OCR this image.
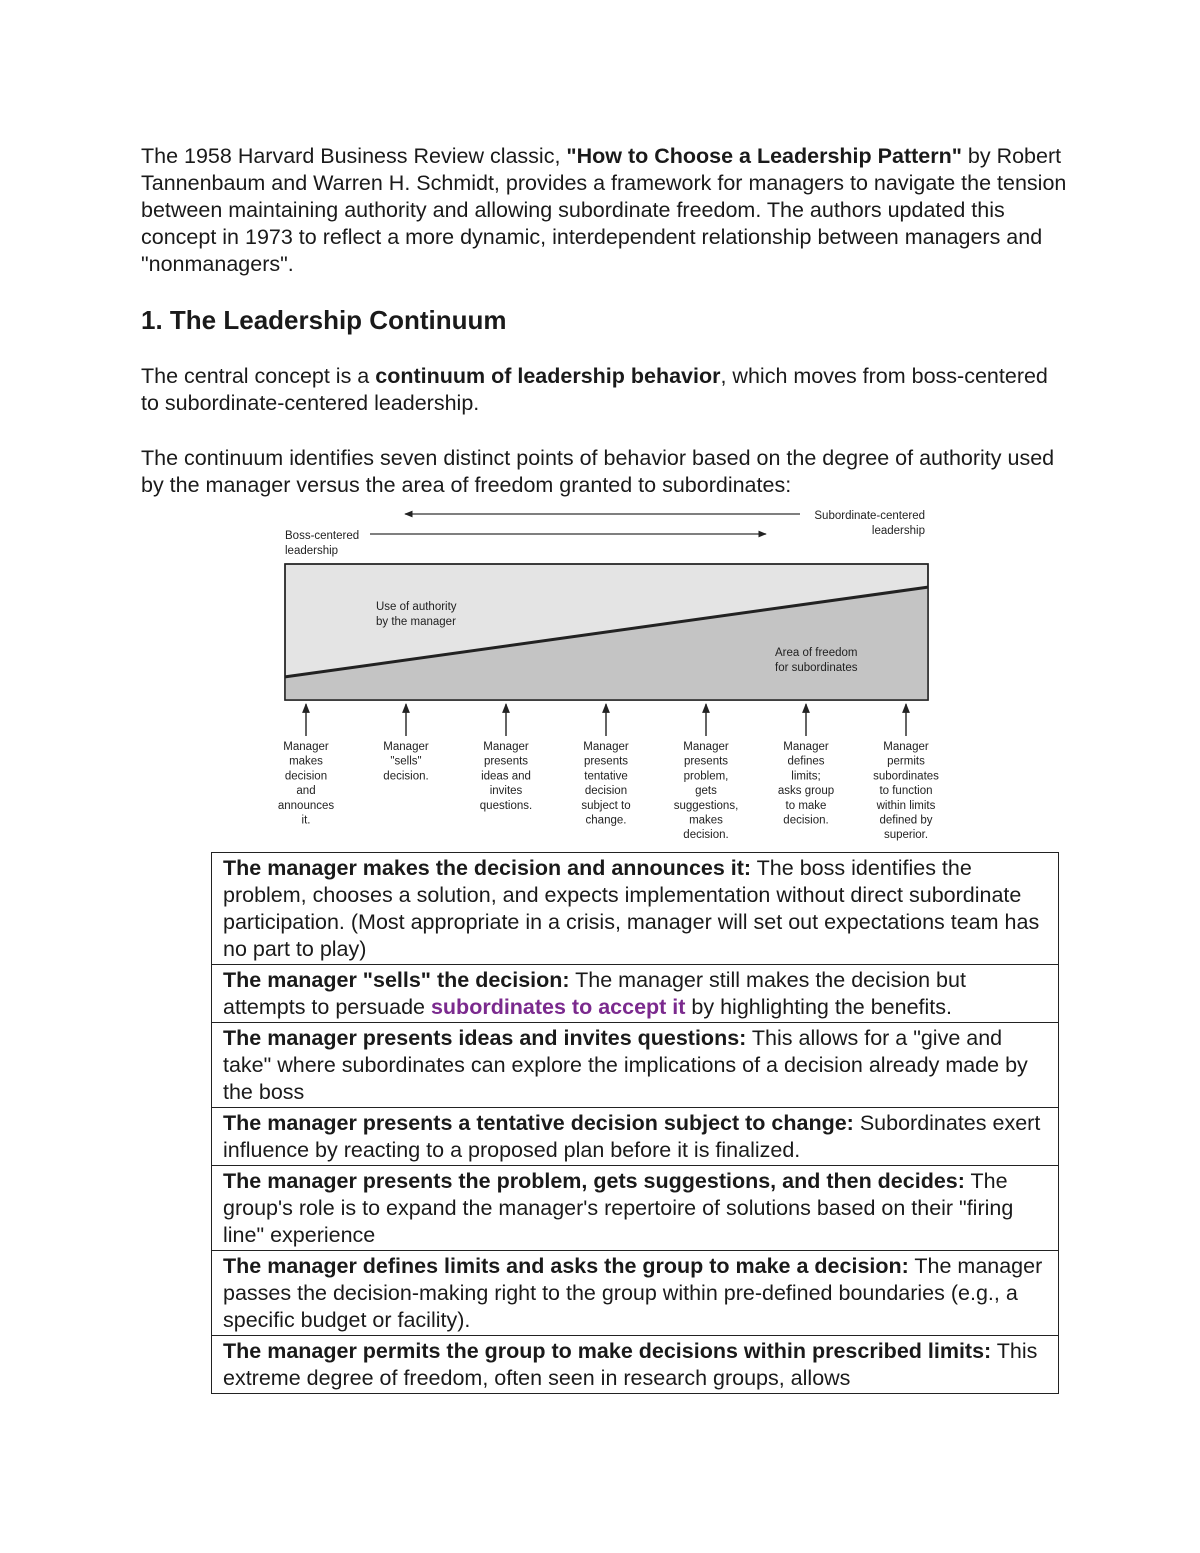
The 1958 Harvard Business Review classic, "How to Choose a Leadership Pattern" by Robert Tannenbaum and Warren H. Schmidt, provides a framework for managers to navigate the tension between maintaining authority and allowing subordinate freedom. The authors updated this concept in 1973 to reflect a more dynamic, interdependent relationship between managers and "nonmanagers".

1. The Leadership Continuum

The central concept is a continuum of leadership behavior, which moves from boss-centered to subordinate-centered leadership.

The continuum identifies seven distinct points of behavior based on the degree of authority used by the manager versus the area of freedom granted to subordinates:

Boss-centered leadership
Subordinate-centered leadership
Use of authority by the manager
Area of freedom for subordinates
Manager makes decision and announces it.
Manager "sells" decision.
Manager presents ideas and invites questions.
Manager presents tentative decision subject to change.
Manager presents problem, gets suggestions, makes decision.
Manager defines limits; asks group to make decision.
Manager permits subordinates to function within limits defined by superior.
The manager makes the decision and announces it: The boss identifies the problem, chooses a solution, and expects implementation without direct subordinate participation. (Most appropriate in a crisis, manager will set out expectations team has no part to play)
The manager "sells" the decision: The manager still makes the decision but attempts to persuade subordinates to accept it by highlighting the benefits.
The manager presents ideas and invites questions: This allows for a "give and take" where subordinates can explore the implications of a decision already made by the boss
The manager presents a tentative decision subject to change: Subordinates exert influence by reacting to a proposed plan before it is finalized.
The manager presents the problem, gets suggestions, and then decides: The group's role is to expand the manager's repertoire of solutions based on their "firing line" experience
The manager defines limits and asks the group to make a decision: The manager passes the decision-making right to the group within pre-defined boundaries (e.g., a specific budget or facility).
The manager permits the group to make decisions within prescribed limits: This extreme degree of freedom, often seen in research groups, allows
